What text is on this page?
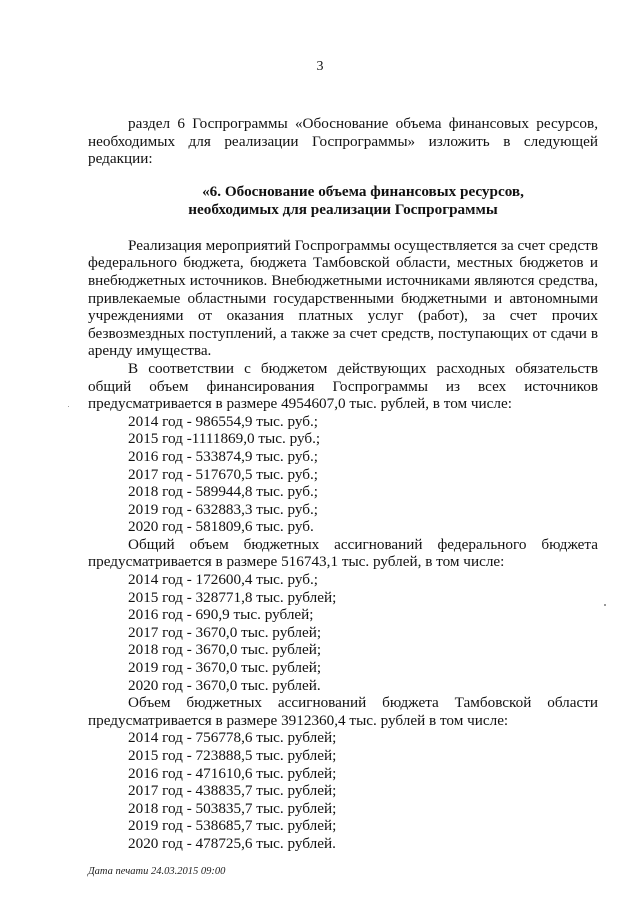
3

раздел 6 Госпрограммы «Обоснование объема финансовых ресурсов, необходимых для реализации Госпрограммы» изложить в следующей редакции:

«6. Обоснование объема финансовых ресурсов,
необходимых для реализации Госпрограммы

Реализация мероприятий Госпрограммы осуществляется за счет средств федерального бюджета, бюджета Тамбовской области, местных бюджетов и внебюджетных источников. Внебюджетными источниками являются средства, привлекаемые областными государственными бюджетными и автономными учреждениями от оказания платных услуг (работ), за счет прочих безвозмездных поступлений, а также за счет средств, поступающих от сдачи в аренду имущества.

В соответствии с бюджетом действующих расходных обязательств общий объем финансирования Госпрограммы из всех источников предусматривается в размере 4954607,0 тыс. рублей, в том числе:

2014 год - 986554,9 тыс. руб.;
2015 год -1111869,0 тыс. руб.;
2016 год - 533874,9 тыс. руб.;
2017 год - 517670,5 тыс. руб.;
2018 год - 589944,8 тыс. руб.;
2019 год - 632883,3 тыс. руб.;
2020 год - 581809,6 тыс. руб.

Общий объем бюджетных ассигнований федерального бюджета предусматривается в размере 516743,1 тыс. рублей, в том числе:

2014 год - 172600,4 тыс. руб.;
2015 год - 328771,8 тыс. рублей;
2016 год - 690,9 тыс. рублей;
2017 год - 3670,0 тыс. рублей;
2018 год - 3670,0 тыс. рублей;
2019 год - 3670,0 тыс. рублей;
2020 год - 3670,0 тыс. рублей.

Объем бюджетных ассигнований бюджета Тамбовской области предусматривается в размере 3912360,4 тыс. рублей в том числе:

2014 год - 756778,6 тыс. рублей;
2015 год - 723888,5 тыс. рублей;
2016 год - 471610,6 тыс. рублей;
2017 год - 438835,7 тыс. рублей;
2018 год - 503835,7 тыс. рублей;
2019 год - 538685,7 тыс. рублей;
2020 год - 478725,6 тыс. рублей.
Дата печати 24.03.2015 09:00
